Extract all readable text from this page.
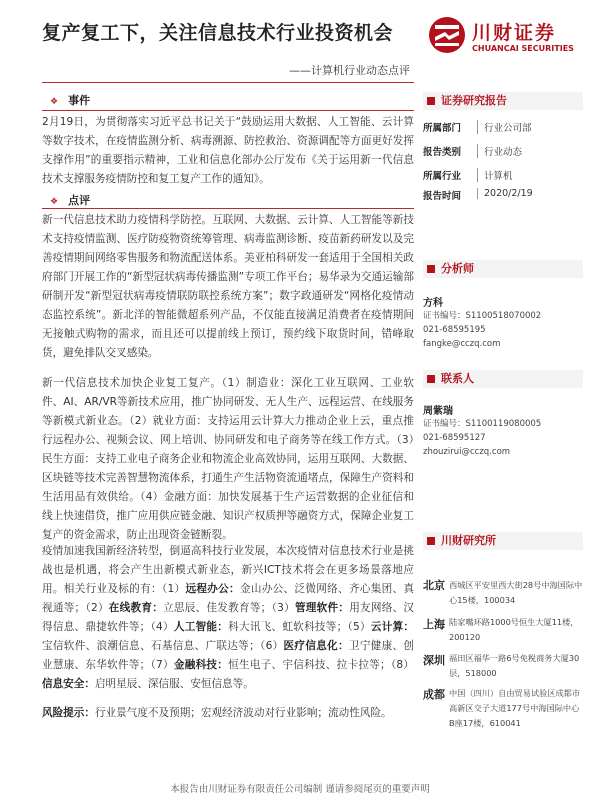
复产复工下，关注信息技术行业投资机会
——计算机行业动态点评
川财证券
CHUANCAI SECURITIES
❖ 事件
2月19日，为贯彻落实习近平总书记关于“鼓励运用大数据、人工智能、云计算等数字技术，在疫情监测分析、病毒溯源、防控救治、资源调配等方面更好发挥支撑作用”的重要指示精神，工业和信息化部办公厅发布《关于运用新一代信息技术支撑服务疫情防控和复工复产工作的通知》。
❖ 点评
新一代信息技术助力疫情科学防控。互联网、大数据、云计算、人工智能等新技术支持疫情监测、医疗防疫物资统筹管理、病毒监测诊断、疫苗新药研发以及完善疫情期间网络零售服务和物流配送体系。美亚柏科研发一套适用于全国相关政府部门开展工作的“新型冠状病毒传播监测”专项工作平台；易华录为交通运输部研制开发“新型冠状病毒疫情联防联控系统方案”；数字政通研发“网格化疫情动态监控系统”。新北洋的智能微超系列产品，不仅能直接满足消费者在疫情期间无接触式购物的需求，而且还可以提前线上预订，预约线下取货时间，错峰取货，避免排队交叉感染。
新一代信息技术加快企业复工复产。（1）制造业：深化工业互联网、工业软件、AI、AR/VR等新技术应用，推广协同研发、无人生产、远程运营、在线服务等新模式新业态。（2）就业方面：支持运用云计算大力推动企业上云，重点推行远程办公、视频会议、网上培训、协同研发和电子商务等在线工作方式。（3）民生方面：支持工业电子商务企业和物流企业高效协同，运用互联网、大数据、区块链等技术完善智慧物流体系，打通生产生活物资流通堵点，保障生产资料和生活用品有效供给。（4）金融方面：加快发展基于生产运营数据的企业征信和线上快速借贷，推广应用供应链金融、知识产权质押等融资方式，保障企业复工复产的资金需求，防止出现资金链断裂。
疫情加速我国新经济转型，倒逼高科技行业发展，本次疫情对信息技术行业是挑战也是机遇，将会产生出新模式新业态，新兴ICT技术将会在更多场景落地应用。相关行业及标的有：（1）远程办公：金山办公、泛微网络、齐心集团、真视通等；（2）在线教育：立思辰、佳发教育等；（3）管理软件：用友网络、汉得信息、鼎捷软件等；（4）人工智能：科大讯飞、虹软科技等；（5）云计算：宝信软件、浪潮信息、石基信息、广联达等；（6）医疗信息化：卫宁健康、创业慧康、东华软件等；（7）金融科技：恒生电子、宇信科技、拉卡拉等；（8）信息安全：启明星辰、深信服、安恒信息等。
风险提示：行业景气度不及预期；宏观经济波动对行业影响；流动性风险。
证券研究报告
所属部门	行业公司部
报告类别	行业动态
所属行业	计算机
报告时间	2020/2/19
分析师
方科
证书编号：S1100518070002
021-68595195
fangke@cczq.com
联系人
周紫瑞
证书编号：S1100119080005
021-68595127
zhouzirui@cczq.com
川财研究所
北京 西城区平安里西大街28号中海国际中心15楼，100034
上海 陆家嘴环路1000号恒生大厦11楼，200120
深圳 福田区福华一路6号免税商务大厦30层，518000
成都 中国（四川）自由贸易试验区成都市高新区交子大道177号中海国际中心B座17楼，610041
本报告由川财证券有限责任公司编制 谨请参阅尾页的重要声明
